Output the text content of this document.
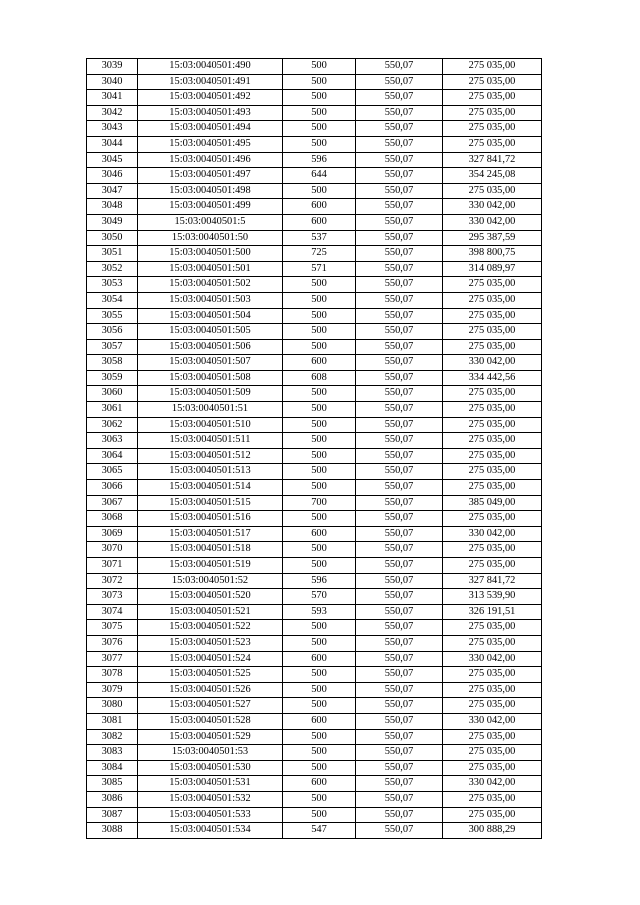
3039	15:03:0040501:490	500	550,07	275 035,00
3040	15:03:0040501:491	500	550,07	275 035,00
3041	15:03:0040501:492	500	550,07	275 035,00
3042	15:03:0040501:493	500	550,07	275 035,00
3043	15:03:0040501:494	500	550,07	275 035,00
3044	15:03:0040501:495	500	550,07	275 035,00
3045	15:03:0040501:496	596	550,07	327 841,72
3046	15:03:0040501:497	644	550,07	354 245,08
3047	15:03:0040501:498	500	550,07	275 035,00
3048	15:03:0040501:499	600	550,07	330 042,00
3049	15:03:0040501:5	600	550,07	330 042,00
3050	15:03:0040501:50	537	550,07	295 387,59
3051	15:03:0040501:500	725	550,07	398 800,75
3052	15:03:0040501:501	571	550,07	314 089,97
3053	15:03:0040501:502	500	550,07	275 035,00
3054	15:03:0040501:503	500	550,07	275 035,00
3055	15:03:0040501:504	500	550,07	275 035,00
3056	15:03:0040501:505	500	550,07	275 035,00
3057	15:03:0040501:506	500	550,07	275 035,00
3058	15:03:0040501:507	600	550,07	330 042,00
3059	15:03:0040501:508	608	550,07	334 442,56
3060	15:03:0040501:509	500	550,07	275 035,00
3061	15:03:0040501:51	500	550,07	275 035,00
3062	15:03:0040501:510	500	550,07	275 035,00
3063	15:03:0040501:511	500	550,07	275 035,00
3064	15:03:0040501:512	500	550,07	275 035,00
3065	15:03:0040501:513	500	550,07	275 035,00
3066	15:03:0040501:514	500	550,07	275 035,00
3067	15:03:0040501:515	700	550,07	385 049,00
3068	15:03:0040501:516	500	550,07	275 035,00
3069	15:03:0040501:517	600	550,07	330 042,00
3070	15:03:0040501:518	500	550,07	275 035,00
3071	15:03:0040501:519	500	550,07	275 035,00
3072	15:03:0040501:52	596	550,07	327 841,72
3073	15:03:0040501:520	570	550,07	313 539,90
3074	15:03:0040501:521	593	550,07	326 191,51
3075	15:03:0040501:522	500	550,07	275 035,00
3076	15:03:0040501:523	500	550,07	275 035,00
3077	15:03:0040501:524	600	550,07	330 042,00
3078	15:03:0040501:525	500	550,07	275 035,00
3079	15:03:0040501:526	500	550,07	275 035,00
3080	15:03:0040501:527	500	550,07	275 035,00
3081	15:03:0040501:528	600	550,07	330 042,00
3082	15:03:0040501:529	500	550,07	275 035,00
3083	15:03:0040501:53	500	550,07	275 035,00
3084	15:03:0040501:530	500	550,07	275 035,00
3085	15:03:0040501:531	600	550,07	330 042,00
3086	15:03:0040501:532	500	550,07	275 035,00
3087	15:03:0040501:533	500	550,07	275 035,00
3088	15:03:0040501:534	547	550,07	300 888,29
